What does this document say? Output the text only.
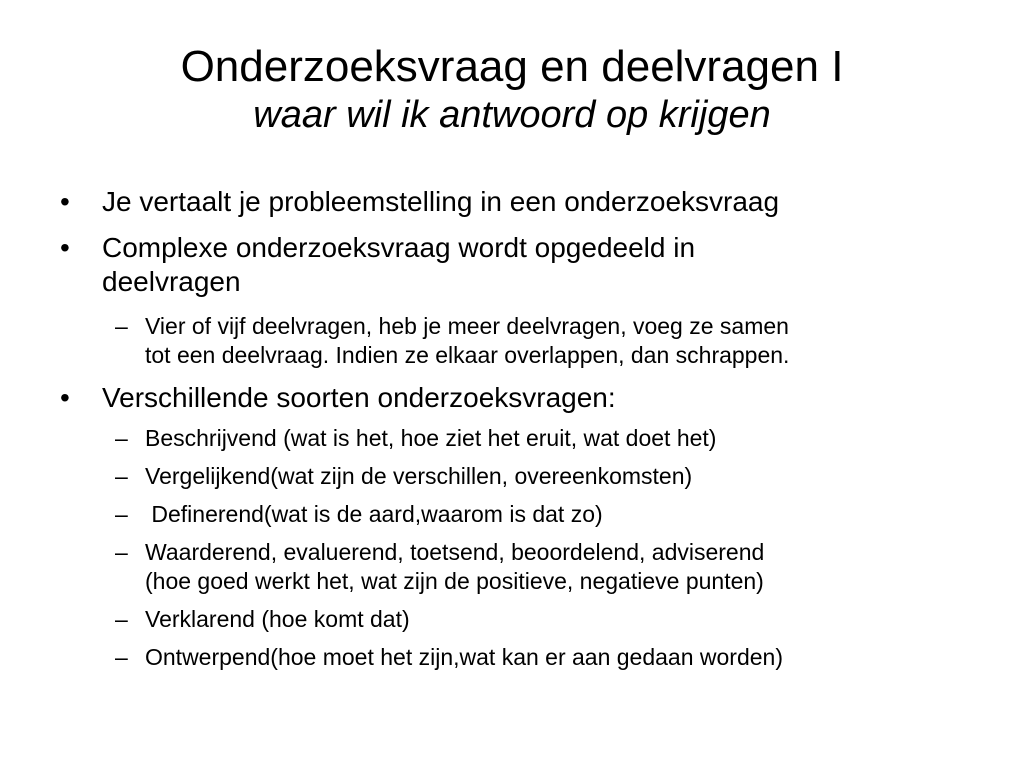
Onderzoeksvraag en deelvragen I
waar wil ik antwoord op krijgen
• Je vertaalt je probleemstelling in een onderzoeksvraag
• Complexe onderzoeksvraag wordt opgedeeld in
deelvragen
– Vier of vijf deelvragen, heb je meer deelvragen, voeg ze samen
tot een deelvraag. Indien ze elkaar overlappen, dan schrappen.
• Verschillende soorten onderzoeksvragen:
– Beschrijvend (wat is het, hoe ziet het eruit, wat doet het)
– Vergelijkend(wat zijn de verschillen, overeenkomsten)
– Definerend(wat is de aard,waarom is dat zo)
– Waarderend, evaluerend, toetsend, beoordelend, adviserend
(hoe goed werkt het, wat zijn de positieve, negatieve punten)
– Verklarend (hoe komt dat)
– Ontwerpend(hoe moet het zijn,wat kan er aan gedaan worden)
